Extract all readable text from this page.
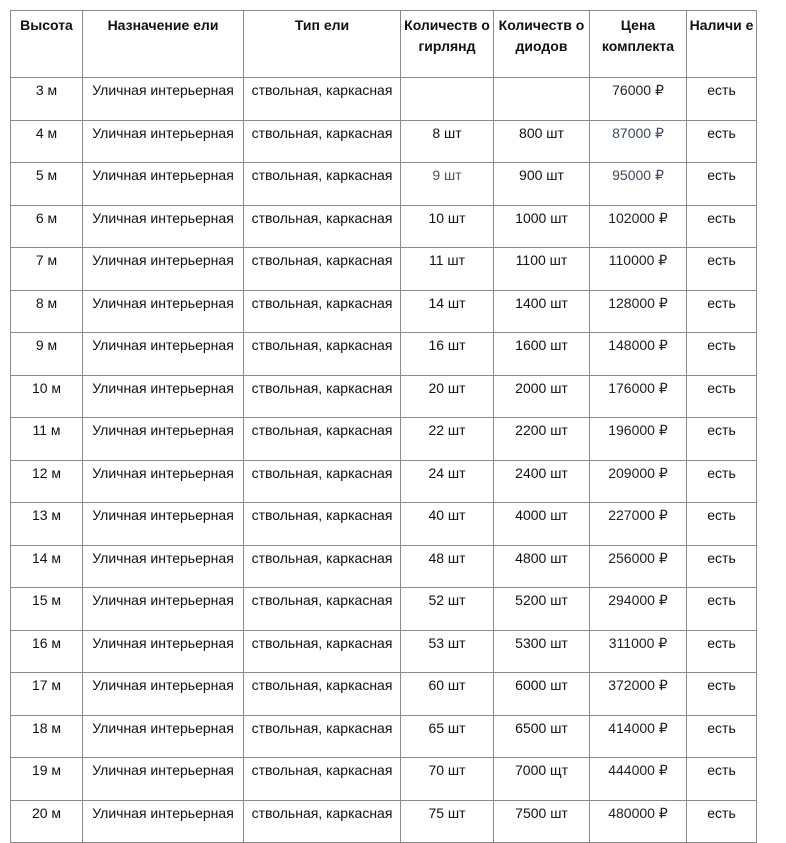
Высота	Назначение ели	Тип ели	Количеств о гирлянд	Количеств о диодов	Цена комплекта	Наличи е
3 м	Уличная интерьерная	ствольная, каркасная			76000 ₽	есть
4 м	Уличная интерьерная	ствольная, каркасная	8 шт	800 шт	87000 ₽	есть
5 м	Уличная интерьерная	ствольная, каркасная	9 шт	900 шт	95000 ₽	есть
6 м	Уличная интерьерная	ствольная, каркасная	10 шт	1000 шт	102000 ₽	есть
7 м	Уличная интерьерная	ствольная, каркасная	11 шт	1100 шт	110000 ₽	есть
8 м	Уличная интерьерная	ствольная, каркасная	14 шт	1400 шт	128000 ₽	есть
9 м	Уличная интерьерная	ствольная, каркасная	16 шт	1600 шт	148000 ₽	есть
10 м	Уличная интерьерная	ствольная, каркасная	20 шт	2000 шт	176000 ₽	есть
11 м	Уличная интерьерная	ствольная, каркасная	22 шт	2200 шт	196000 ₽	есть
12 м	Уличная интерьерная	ствольная, каркасная	24 шт	2400 шт	209000 ₽	есть
13 м	Уличная интерьерная	ствольная, каркасная	40 шт	4000 шт	227000 ₽	есть
14 м	Уличная интерьерная	ствольная, каркасная	48 шт	4800 шт	256000 ₽	есть
15 м	Уличная интерьерная	ствольная, каркасная	52 шт	5200 шт	294000 ₽	есть
16 м	Уличная интерьерная	ствольная, каркасная	53 шт	5300 шт	311000 ₽	есть
17 м	Уличная интерьерная	ствольная, каркасная	60 шт	6000 шт	372000 ₽	есть
18 м	Уличная интерьерная	ствольная, каркасная	65 шт	6500 шт	414000 ₽	есть
19 м	Уличная интерьерная	ствольная, каркасная	70 шт	7000 щт	444000 ₽	есть
20 м	Уличная интерьерная	ствольная, каркасная	75 шт	7500 шт	480000 ₽	есть
